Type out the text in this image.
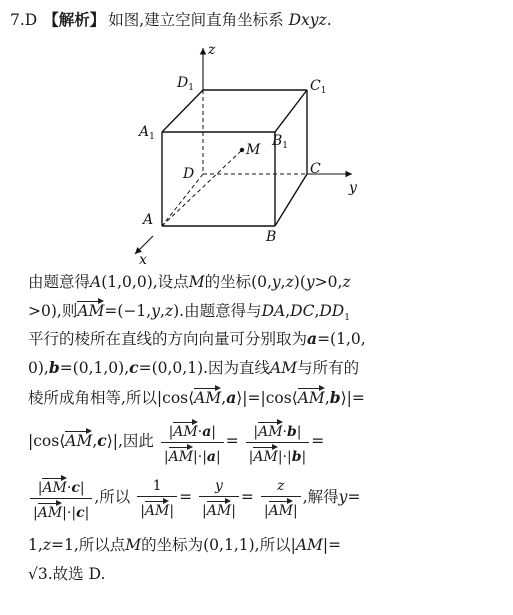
7.D 【解析】 如图,建立空间直角坐标系 Dxyz.
z
y
x
$D_1$	$C_1$
$A_1$	$B_1$
D	C
A
B
M
由题意得A(1,0,0),设点M的坐标(0,y,z)(y>0,z
>0),则AM=(−1,y,z).由题意得与$DA,DC,DD_1$
平行的棱所在直线的方向向量可分别取为a=(1,0,
0),b=(0,1,0),c=(0,0,1).因为直线AM与所有的
棱所成角相等,所以|cos⟨AM,a⟩|=|cos⟨AM,b⟩|=
|cos⟨AM,c⟩|,因此 $\frac{|AM\cdot a|}{|AM|\cdot|a|} = \frac{|AM\cdot b|}{|AM|\cdot|b|}$ =
$\frac{|AM\cdot c|}{|AM|\cdot|c|}$ ,所以 $\frac{1}{|AM|} = \frac{y}{|AM|} = \frac{z}{|AM|}$ ,解得y=
1,z=1,所以点M的坐标为(0,1,1),所以|AM|=
√3.故选 D.
